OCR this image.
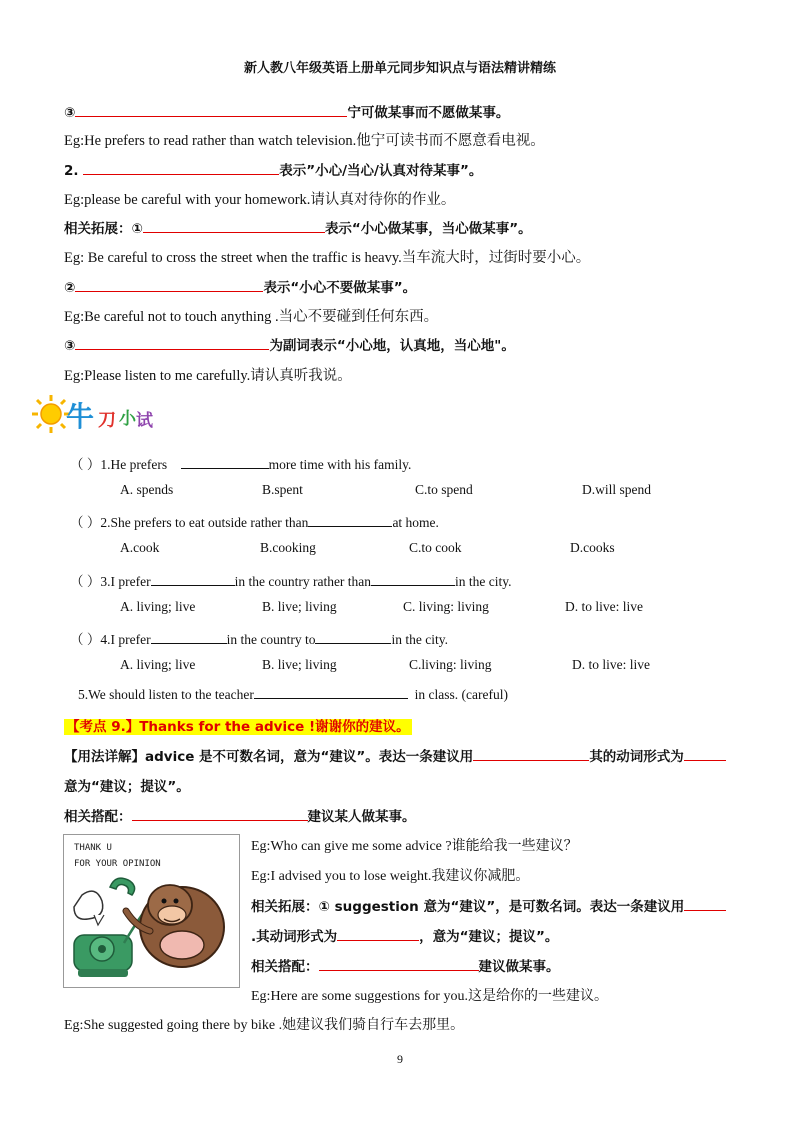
新人教八年级英语上册单元同步知识点与语法精讲精练
③	宁可做某事而不愿做某事。
Eg:He prefers to read rather than watch television.他宁可读书而不愿意看电视。
2.	表示”小心/当心/认真对待某事”。
Eg:please be careful with your homework.请认真对待你的作业。
相关拓展：①	表示“小心做某事，当心做某事”。
Eg: Be careful to cross the street when the traffic is heavy.当车流大时，过街时要小心。
②	表示“小心不要做某事”。
Eg:Be careful not to touch anything .当心不要碰到任何东西。
③	为副词表示“小心地，认真地，当心地"。
Eg:Please listen to me carefully.请认真听我说。
牛 刀 小 试
（ ）1.He prefers	more time with his family.
A. spends	B.spent	C.to spend	D.will spend
（ ）2.She prefers to eat outside rather than	at home.
A.cook	B.cooking	C.to cook	D.cooks
（ ）3.I prefer	in the country rather than	in the city.
A. living; live	B. live; living	C. living: living	D. to live: live
（ ）4.I prefer	in the country to	in the city.
A. living; live	B. live; living	C.living: living	D. to live: live
5.We should listen to the teacher	in class. (careful)
【考点 9.】Thanks for the advice !谢谢你的建议。
【用法详解】advice 是不可数名词，意为“建议”。表达一条建议用	其的动词形式为
意为“建议；提议”。
相关搭配：	建议某人做某事。
THANK U
FOR YOUR OPINION
Eg:Who can give me some advice ?谁能给我一些建议？
Eg:I advised you to lose weight.我建议你减肥。
相关拓展：① suggestion 意为“建议”，是可数名词。表达一条建议用
.其动词形式为	，意为“建议；提议”。
相关搭配：	建议做某事。
Eg:Here are some suggestions for you.这是给你的一些建议。
Eg:She suggested going there by bike .她建议我们骑自行车去那里。
9
